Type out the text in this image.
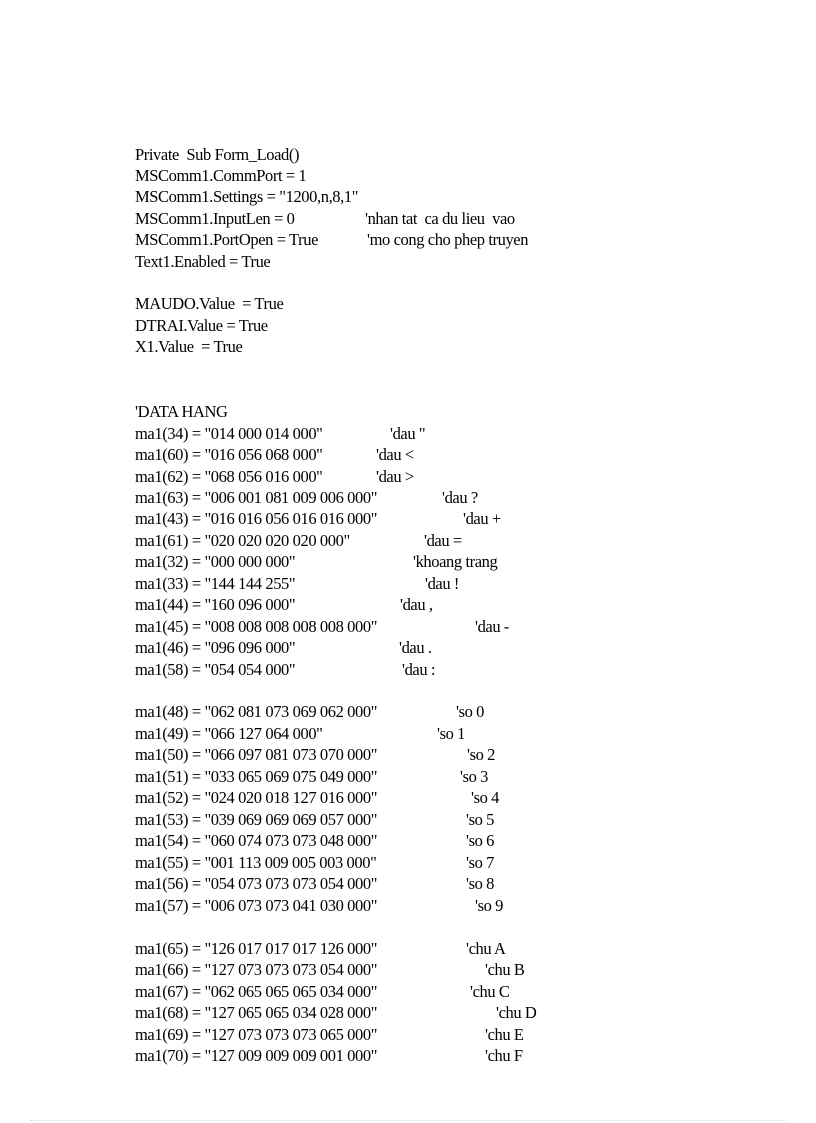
Private  Sub Form_Load()
MSComm1.CommPort = 1
MSComm1.Settings = "1200,n,8,1"
MSComm1.InputLen = 0	'nhan tat  ca du lieu  vao
MSComm1.PortOpen = True	'mo cong cho phep truyen
Text1.Enabled = True
MAUDO.Value  = True
DTRAI.Value = True
X1.Value  = True
'DATA HANG
ma1(34) = "014 000 014 000"	'dau "
ma1(60) = "016 056 068 000"	'dau <
ma1(62) = "068 056 016 000"	'dau >
ma1(63) = "006 001 081 009 006 000"	'dau ?
ma1(43) = "016 016 056 016 016 000"	'dau +
ma1(61) = "020 020 020 020 000"	'dau =
ma1(32) = "000 000 000"	'khoang trang
ma1(33) = "144 144 255"	'dau !
ma1(44) = "160 096 000"	'dau ,
ma1(45) = "008 008 008 008 008 000"	'dau -
ma1(46) = "096 096 000"	'dau .
ma1(58) = "054 054 000"	'dau :
ma1(48) = "062 081 073 069 062 000"	'so 0
ma1(49) = "066 127 064 000"	'so 1
ma1(50) = "066 097 081 073 070 000"	'so 2
ma1(51) = "033 065 069 075 049 000"	'so 3
ma1(52) = "024 020 018 127 016 000"	'so 4
ma1(53) = "039 069 069 069 057 000"	'so 5
ma1(54) = "060 074 073 073 048 000"	'so 6
ma1(55) = "001 113 009 005 003 000"	'so 7
ma1(56) = "054 073 073 073 054 000"	'so 8
ma1(57) = "006 073 073 041 030 000"	'so 9
ma1(65) = "126 017 017 017 126 000"	'chu A
ma1(66) = "127 073 073 073 054 000"	'chu B
ma1(67) = "062 065 065 065 034 000"	'chu C
ma1(68) = "127 065 065 034 028 000"	'chu D
ma1(69) = "127 073 073 073 065 000"	'chu E
ma1(70) = "127 009 009 009 001 000"	'chu F
